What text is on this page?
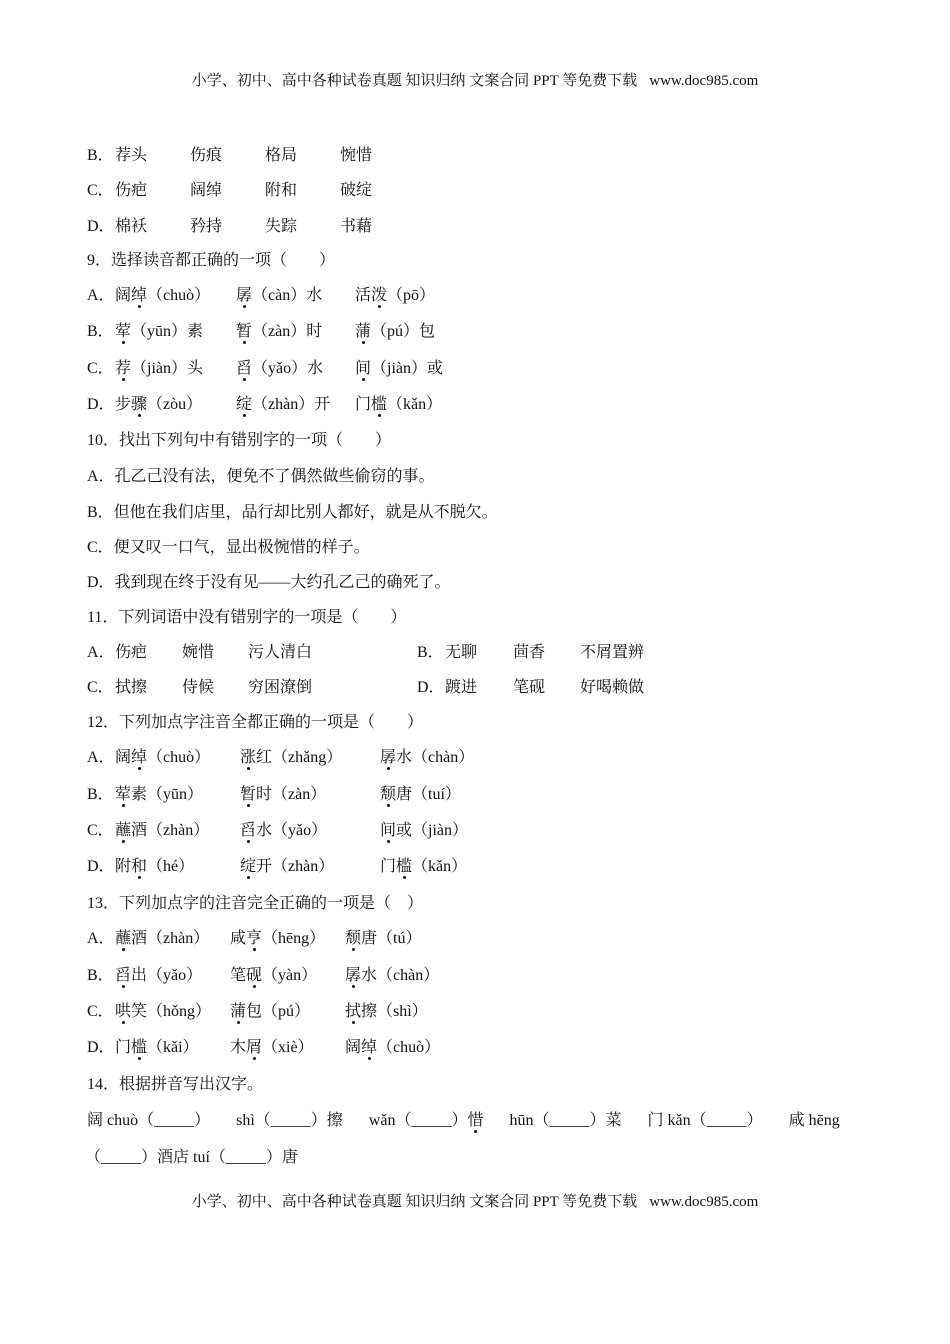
小学、初中、高中各种试卷真题 知识归纳 文案合同 PPT 等免费下载 www.doc985.com
B． 荐头	伤痕	格局	惋惜
C． 伤疤	阔绰	附和	破绽
D． 棉袄	矜持	失踪	书藉
9．选择读音都正确的一项（　　）
A． 阔绰（chuò） 孱（càn）水 活泼（pō）
B． 荤（yūn）素 暂（zàn）时 蒲（pú）包
C． 荐（jiàn）头 舀（yǎo）水 间（jiàn）或
D． 步骤（zòu） 绽（zhàn）开 门槛（kǎn）
10．找出下列句中有错别字的一项（　　）
A．孔乙己没有法，便免不了偶然做些偷窃的事。
B．但他在我们店里，品行却比别人都好，就是从不脱欠。
C．便又叹一口气，显出极惋惜的样子。
D．我到现在终于没有见——大约孔乙己的确死了。
11．下列词语中没有错别字的一项是（　　）
A． 伤疤 婉惜 污人清白	B． 无聊 茴香 不屑置辨
C． 拭擦 侍候 穷困潦倒	D． 踱进 笔砚 好喝赖做
12．下列加点字注音全都正确的一项是（　　）
A． 阔绰（chuò） 涨红（zhǎng） 孱水（chàn）
B． 荤素（yūn） 暂时（zàn）	颓唐（tuí）
C． 蘸酒（zhàn） 舀水（yǎo）	间或（jiàn）
D． 附和（hé）	绽开（zhàn）	门槛（kǎn）
13．下列加点字的注音完全正确的一项是（　）
A． 蘸酒（zhàn） 咸亨（hēng） 颓唐（tú）
B． 舀出（yǎo） 笔砚（yàn） 孱水（chàn）
C． 哄笑（hǒng） 蒲包（pú） 拭擦（shì）
D． 门槛（kǎi） 木屑（xiè） 阔绰（chuò）
14．根据拼音写出汉字。
阔 chuò（_____） shì（_____）擦 wǎn（_____）惜 hūn（_____）菜 门 kǎn（_____） 咸 hēng
（_____）酒店 tuí（_____）唐
小学、初中、高中各种试卷真题 知识归纳 文案合同 PPT 等免费下载 www.doc985.com
